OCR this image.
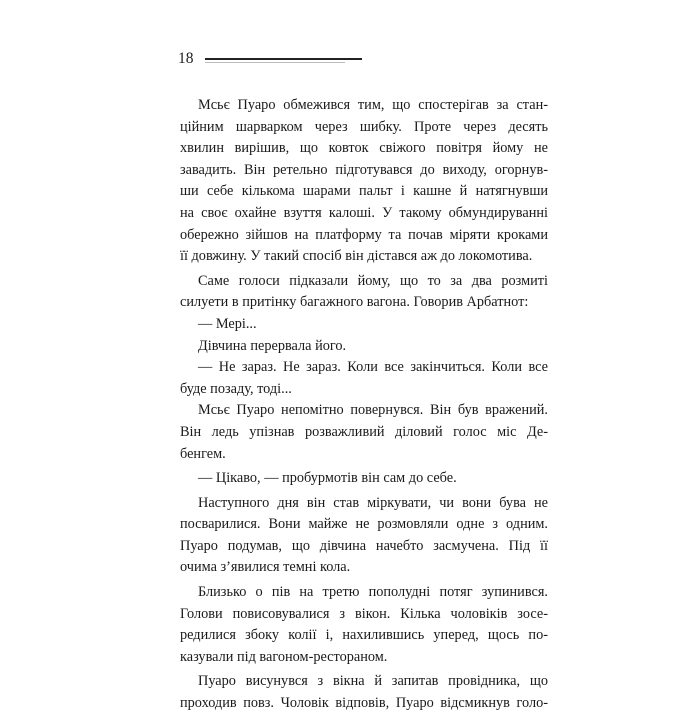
18
Мсьє Пуаро обмежився тим, що спостерігав за стан-
ційним шарварком через шибку. Проте через десять
хвилин вирішив, що ковток свіжого повітря йому не
завадить. Він ретельно підготувався до виходу, огорнув-
ши себе кількома шарами пальт і кашне й натягнувши
на своє охайне взуття калоші. У такому обмундируванні
обережно зійшов на платформу та почав міряти кроками
її довжину. У такий спосіб він дістався аж до локомотива.
Саме голоси підказали йому, що то за два розмиті
силуети в притінку багажного вагона. Говорив Арбатнот:
— Мері...
Дівчина перервала його.
— Не зараз. Не зараз. Коли все закінчиться. Коли все
буде позаду, тоді...
Мсьє Пуаро непомітно повернувся. Він був вражений.
Він ледь упізнав розважливий діловий голос міс Де-
бенгем.
— Цікаво, — пробурмотів він сам до себе.
Наступного дня він став міркувати, чи вони бува не
посварилися. Вони майже не розмовляли одне з одним.
Пуаро подумав, що дівчина начебто засмучена. Під її
очима з’явилися темні кола.
Близько о пів на третю пополудні потяг зупинився.
Голови повисовувалися з вікон. Кілька чоловіків зосе-
редилися збоку колії і, нахилившись уперед, щось по-
казували під вагоном-рестораном.
Пуаро висунувся з вікна й запитав провідника, що
проходив повз. Чоловік відповів, Пуаро відсмикнув голо-
